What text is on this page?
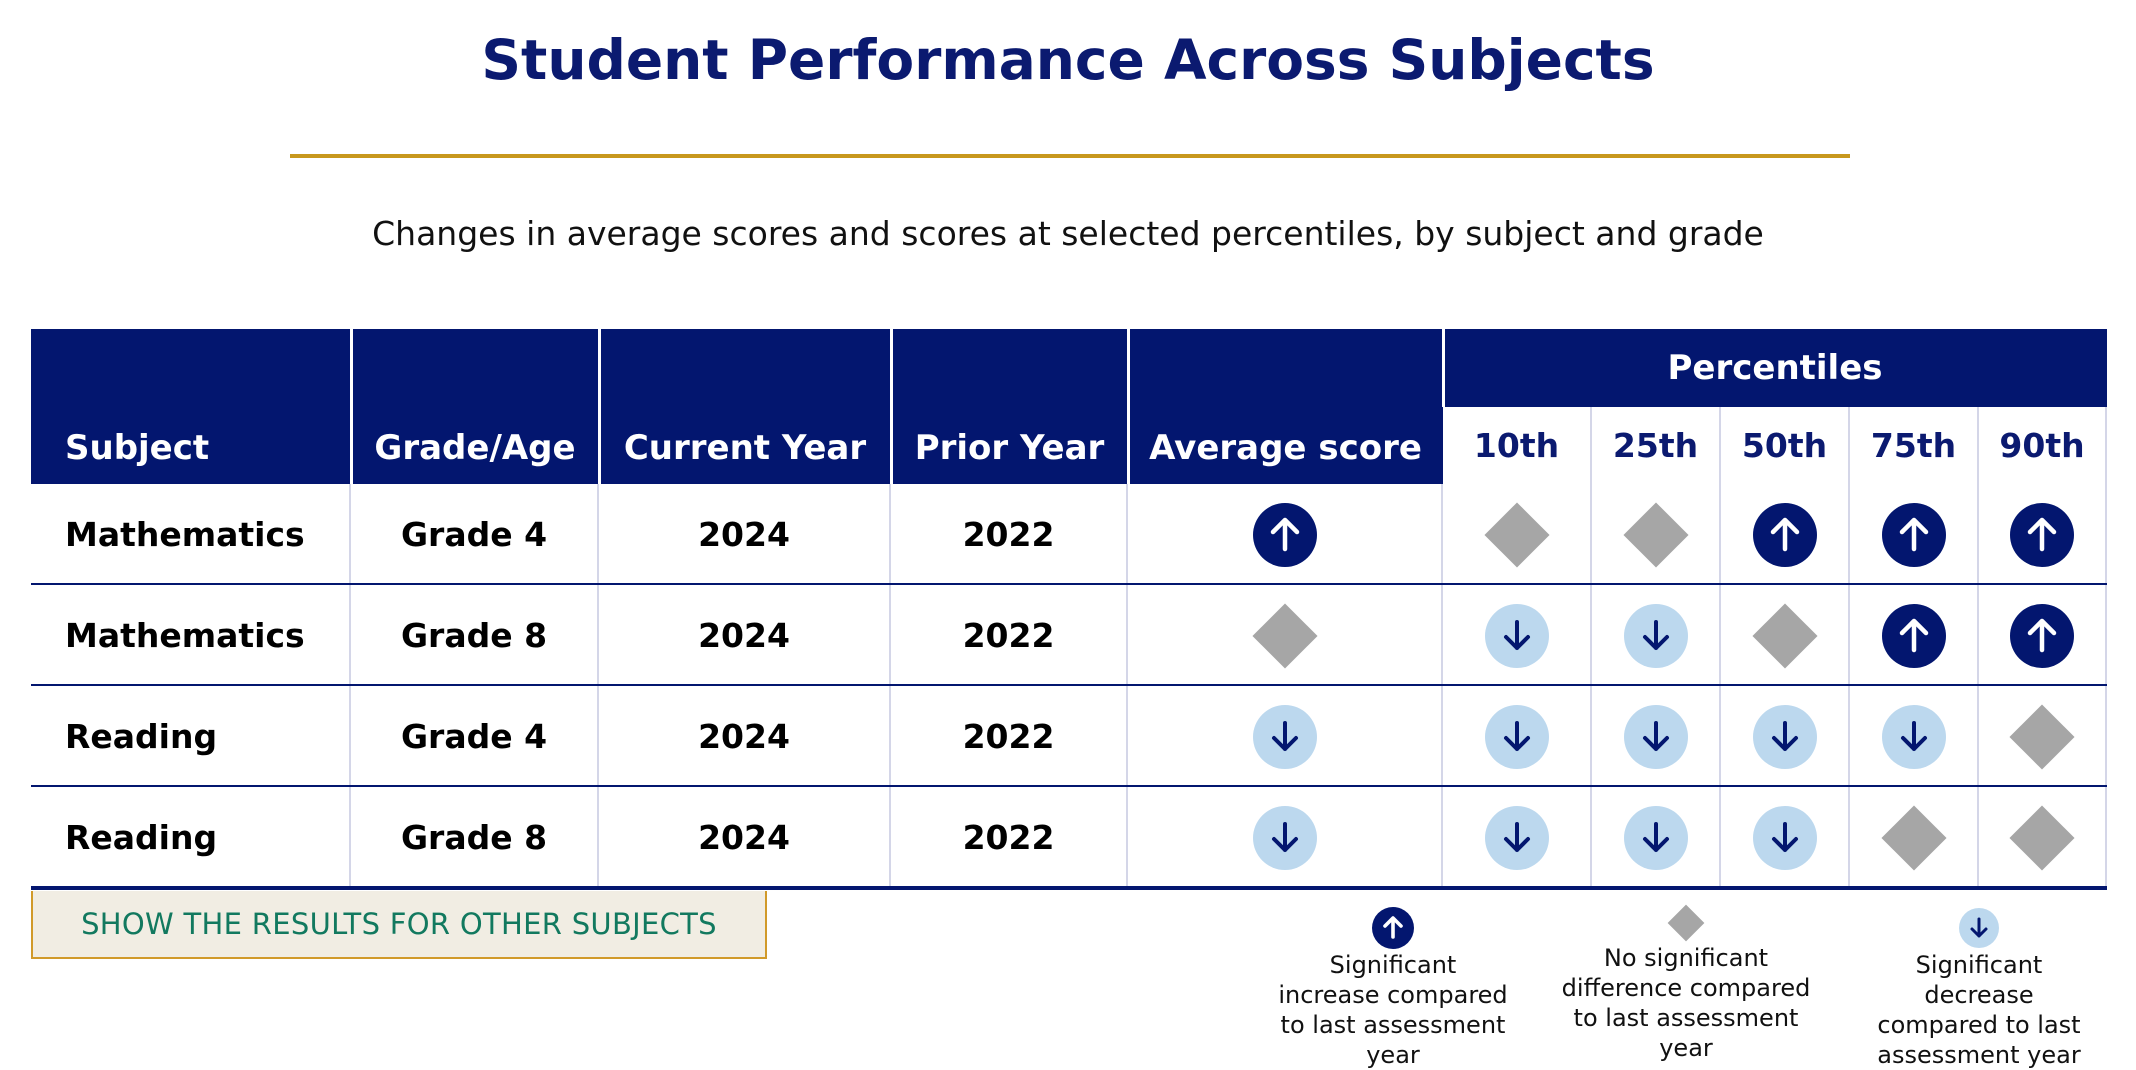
Student Performance Across Subjects
Changes in average scores and scores at selected percentiles, by subject and grade
Subject	Grade/Age	Current Year	Prior Year	Average score
Percentiles
10th	25th	50th	75th	90th
Mathematics	Grade 4	2024	2022
Mathematics	Grade 8	2024	2022
Reading	Grade 4	2024	2022
Reading	Grade 8	2024	2022
SHOW THE RESULTS FOR OTHER SUBJECTS
Significant increase compared to last assessment year
No significant difference compared to last assessment year
Significant decrease compared to last assessment year
